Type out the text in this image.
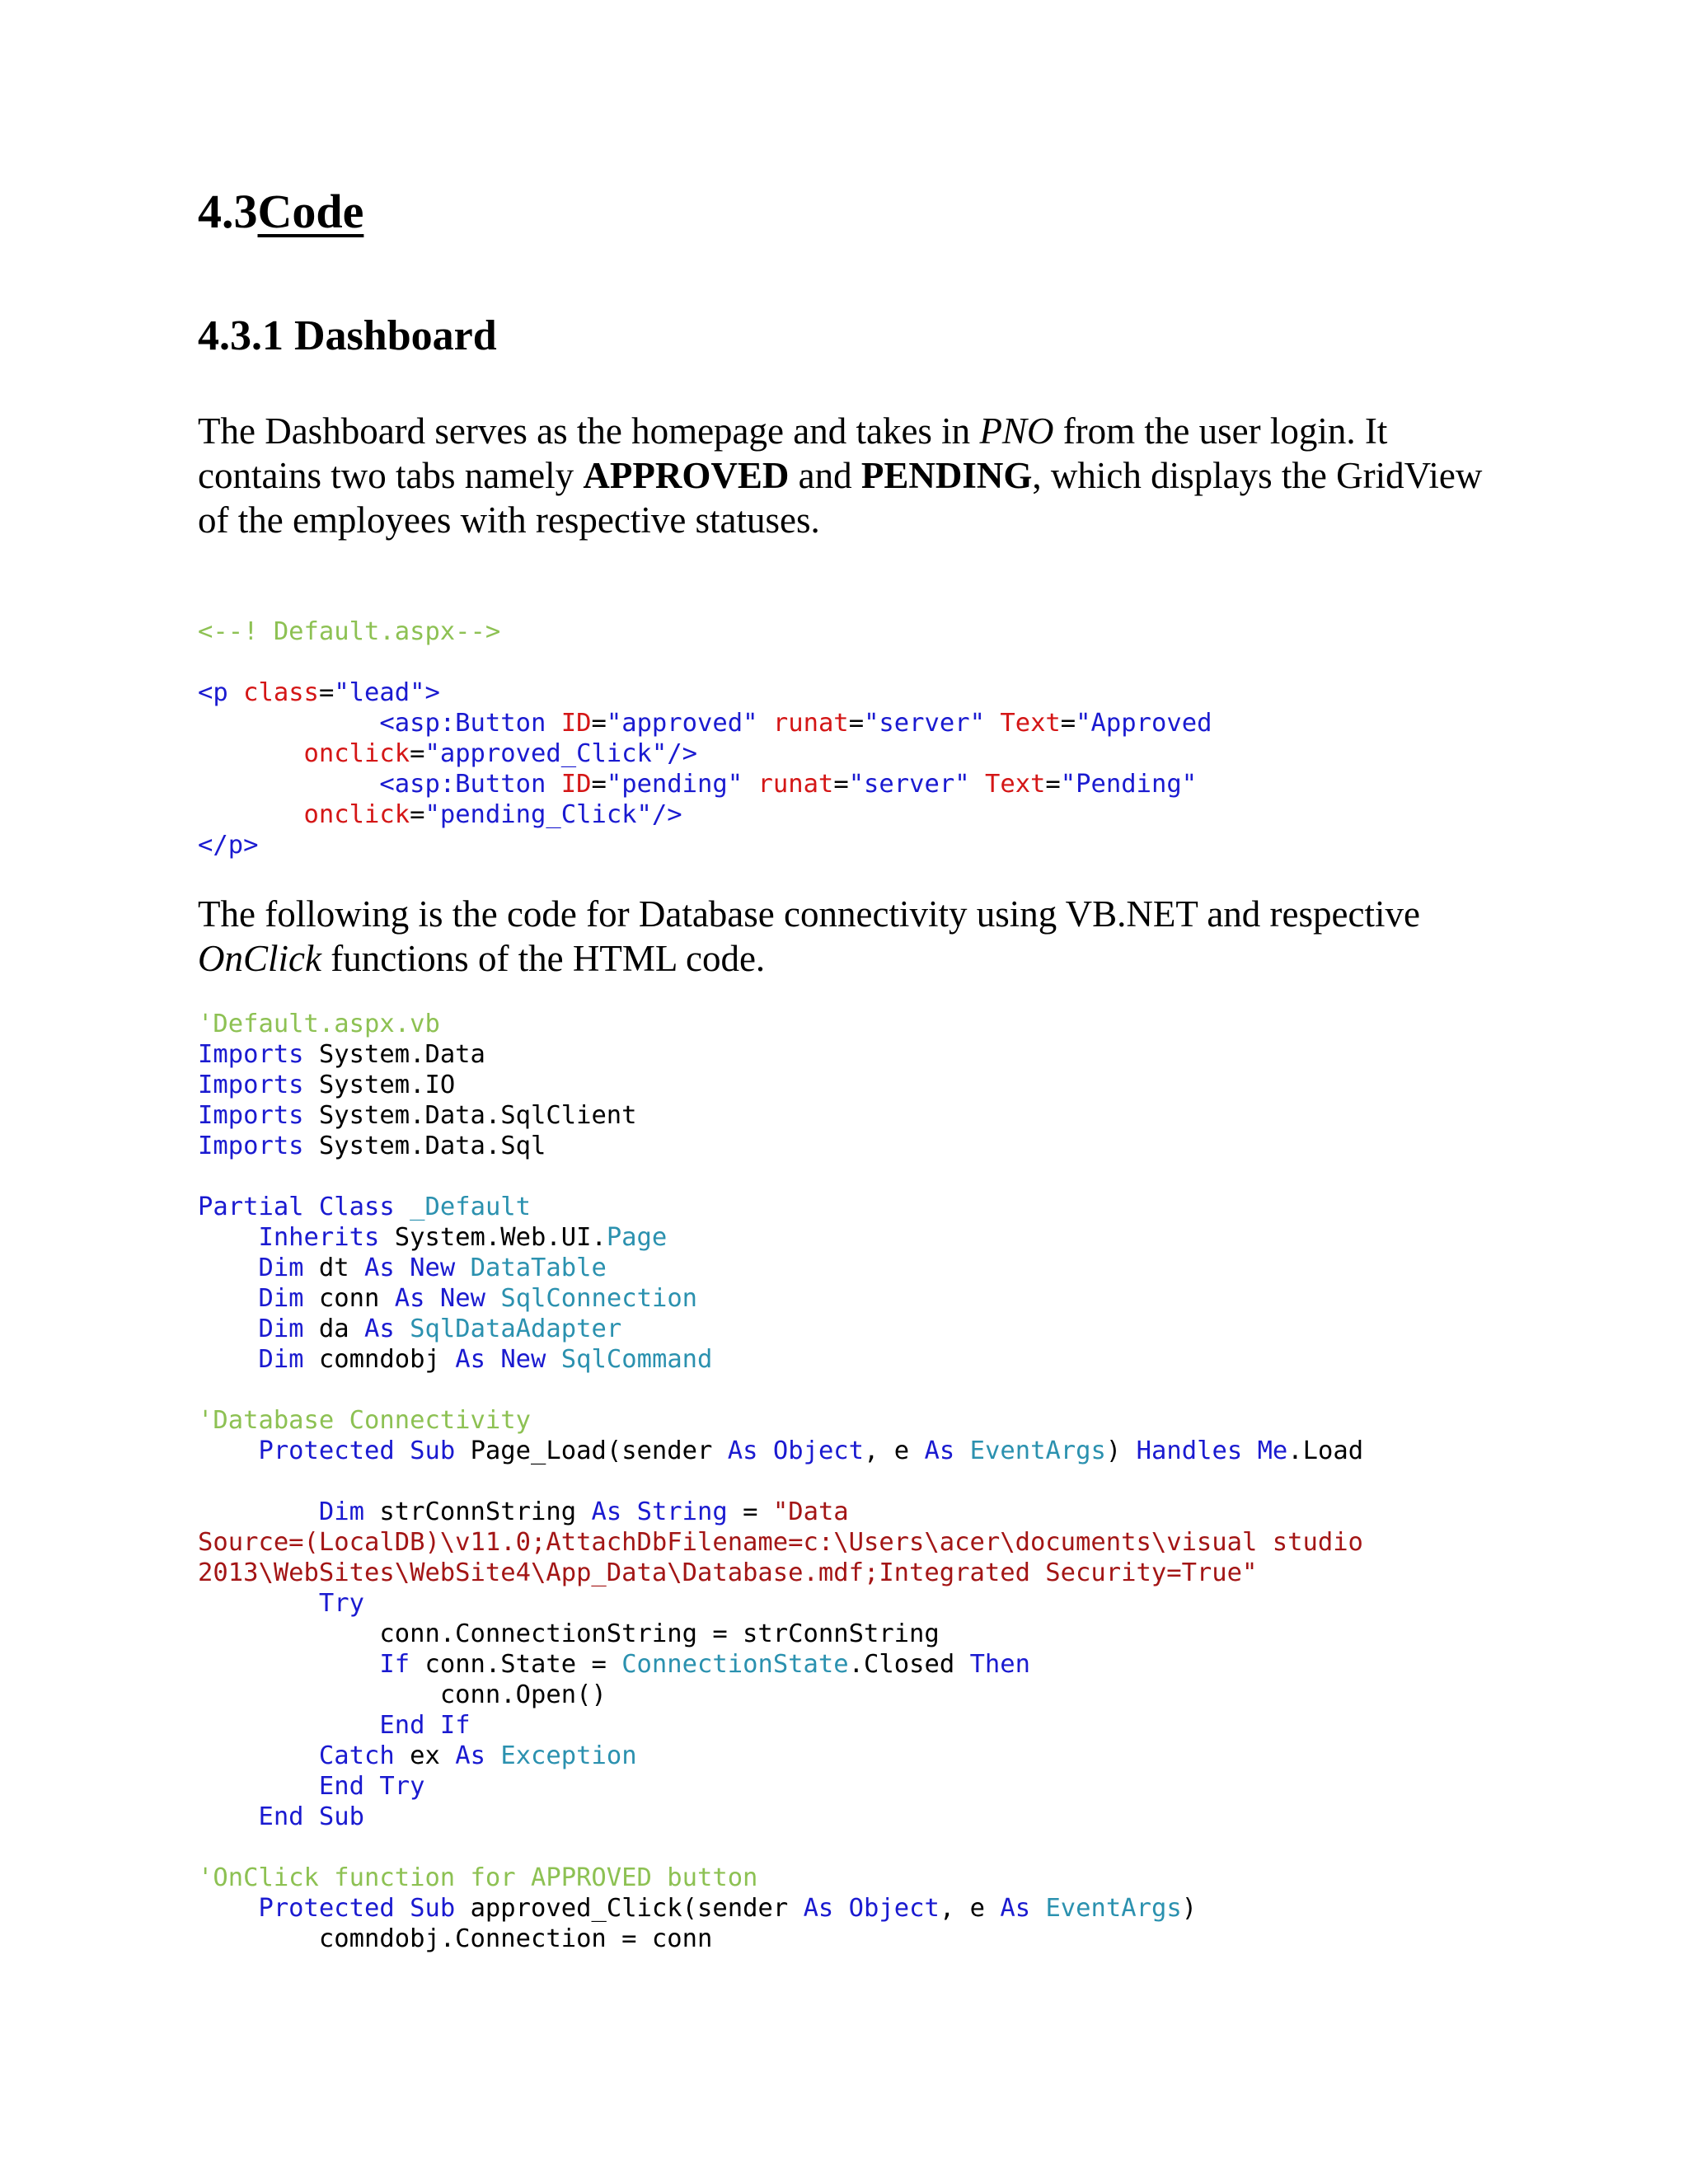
4.3Code
4.3.1 Dashboard

The Dashboard serves as the homepage and takes in PNO from the user login. It contains two tabs namely APPROVED and PENDING, which displays the GridView of the employees with respective statuses.

<--! Default.aspx-->

<p class="lead">
<asp:Button ID="approved" runat="server" Text="Approved
onclick="approved_Click"/>
<asp:Button ID="pending" runat="server" Text="Pending"
onclick="pending_Click"/>
</p>

The following is the code for Database connectivity using VB.NET and respective OnClick functions of the HTML code.

'Default.aspx.vb
Imports System.Data
Imports System.IO
Imports System.Data.SqlClient
Imports System.Data.Sql

Partial Class _Default
Inherits System.Web.UI.Page
Dim dt As New DataTable
Dim conn As New SqlConnection
Dim da As SqlDataAdapter
Dim comndobj As New SqlCommand

'Database Connectivity
Protected Sub Page_Load(sender As Object, e As EventArgs) Handles Me.Load

Dim strConnString As String = "Data
Source=(LocalDB)\v11.0;AttachDbFilename=c:\Users\acer\documents\visual studio
2013\WebSites\WebSite4\App_Data\Database.mdf;Integrated Security=True"
Try
conn.ConnectionString = strConnString
If conn.State = ConnectionState.Closed Then
conn.Open()
End If
Catch ex As Exception
End Try
End Sub

'OnClick function for APPROVED button
Protected Sub approved_Click(sender As Object, e As EventArgs)
comndobj.Connection = conn
